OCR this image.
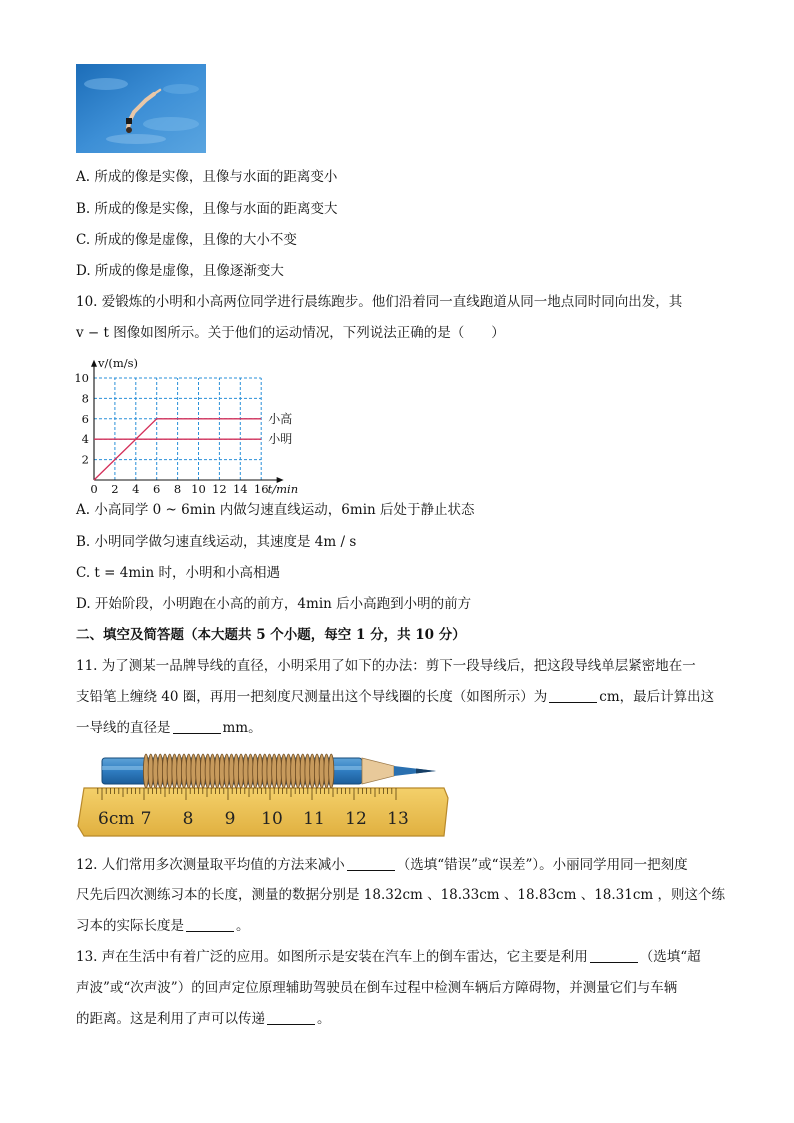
A. 所成的像是实像，且像与水面的距离变小
B. 所成的像是实像，且像与水面的距离变大
C. 所成的像是虚像，且像的大小不变
D. 所成的像是虚像，且像逐渐变大
10. 爱锻炼的小明和小高两位同学进行晨练跑步。他们沿着同一直线跑道从同一地点同时同向出发，其
v − t 图像如图所示。关于他们的运动情况，下列说法正确的是（　　）
0 2 4 6 8 10 12 14 16
2
4
6
8
10
t/min
v/(m/s)
小高
小明
A. 小高同学 0 ~ 6min 内做匀速直线运动，6min 后处于静止状态
B. 小明同学做匀速直线运动，其速度是 4m / s
C. t = 4min 时，小明和小高相遇
D. 开始阶段，小明跑在小高的前方，4min 后小高跑到小明的前方
二、填空及简答题（本大题共 5 个小题，每空 1 分，共 10 分）
11. 为了测某一品牌导线的直径，小明采用了如下的办法：剪下一段导线后，把这段导线单层紧密地在一
支铅笔上缠绕 40 圈，再用一把刻度尺测量出这个导线圈的长度（如图所示）为	cm，最后计算出这
一导线的直径是	mm。
6cm 7 8 9 10 11 12 13
12. 人们常用多次测量取平均值的方法来减小	（选填“错误”或“误差”）。小丽同学用同一把刻度
尺先后四次测练习本的长度，测量的数据分别是 18.32cm 、18.33cm 、18.83cm 、18.31cm ，则这个练
习本的实际长度是	。
13. 声在生活中有着广泛的应用。如图所示是安装在汽车上的倒车雷达，它主要是利用	（选填“超
声波”或“次声波”）的回声定位原理辅助驾驶员在倒车过程中检测车辆后方障碍物，并测量它们与车辆
的距离。这是利用了声可以传递	。
